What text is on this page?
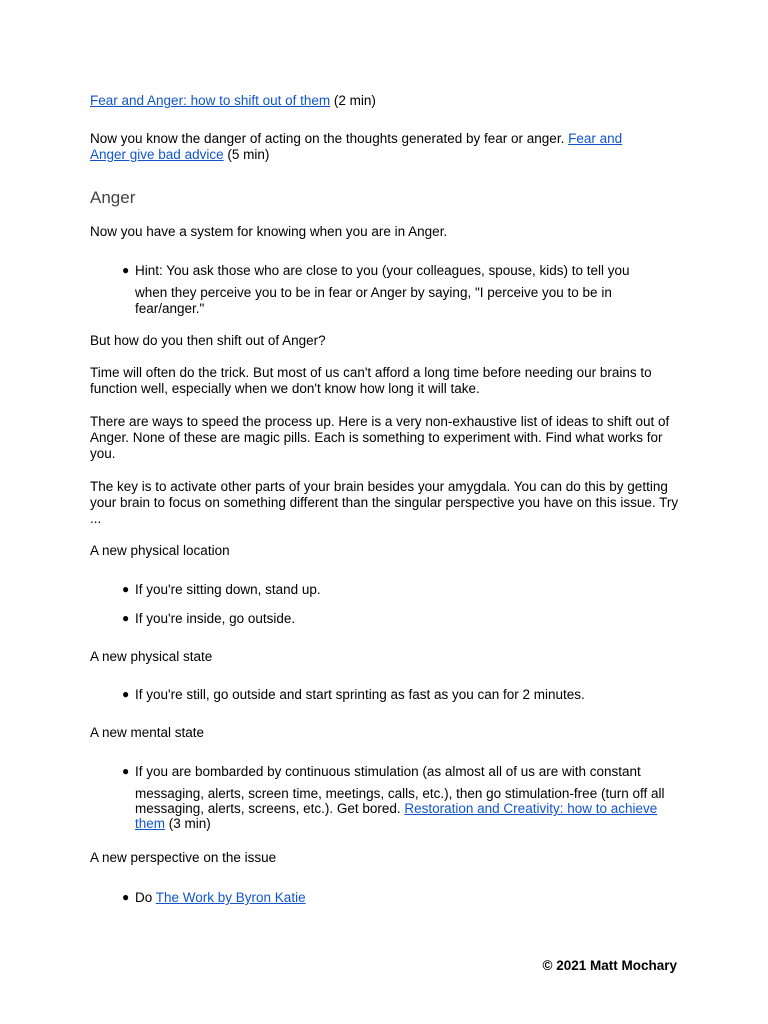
Fear and Anger: how to shift out of them (2 min)

Now you know the danger of acting on the thoughts generated by fear or anger. Fear and Anger give bad advice (5 min)

Anger

Now you have a system for knowing when you are in Anger.

● Hint: You ask those who are close to you (your colleagues, spouse, kids) to tell you

when they perceive you to be in fear or Anger by saying, "I perceive you to be in fear/anger."

But how do you then shift out of Anger?

Time will often do the trick. But most of us can't afford a long time before needing our brains to function well, especially when we don't know how long it will take.

There are ways to speed the process up. Here is a very non-exhaustive list of ideas to shift out of Anger. None of these are magic pills. Each is something to experiment with. Find what works for you.

The key is to activate other parts of your brain besides your amygdala. You can do this by getting your brain to focus on something different than the singular perspective you have on this issue. Try ...

A new physical location

● If you're sitting down, stand up.

● If you're inside, go outside.

A new physical state

● If you're still, go outside and start sprinting as fast as you can for 2 minutes.

A new mental state

● If you are bombarded by continuous stimulation (as almost all of us are with constant

messaging, alerts, screen time, meetings, calls, etc.), then go stimulation-free (turn off all messaging, alerts, screens, etc.). Get bored. Restoration and Creativity: how to achieve them (3 min)

A new perspective on the issue

● Do The Work by Byron Katie

© 2021 Matt Mochary
